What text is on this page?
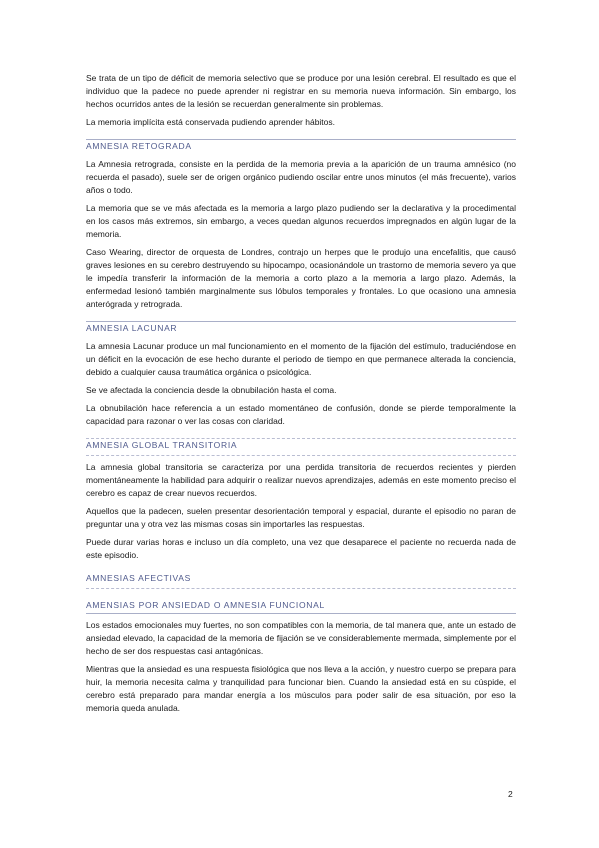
Se trata de un tipo de déficit de memoria selectivo que se produce por una lesión cerebral. El resultado es que el individuo que la padece no puede aprender ni registrar en su memoria nueva información. Sin embargo, los hechos ocurridos antes de la lesión se recuerdan generalmente sin problemas.

La memoria implícita está conservada pudiendo aprender hábitos.

AMNESIA RETOGRADA

La Amnesia retrograda, consiste en la perdida de la memoria previa a la aparición de un trauma amnésico (no recuerda el pasado), suele ser de origen orgánico pudiendo oscilar entre unos minutos (el más frecuente), varios años o todo.

La memoria que se ve más afectada es la memoria a largo plazo pudiendo ser la declarativa y la procedimental en los casos más extremos, sin embargo, a veces quedan algunos recuerdos impregnados en algún lugar de la memoria.

Caso Wearing, director de orquesta de Londres, contrajo un herpes que le produjo una encefalitis, que causó graves lesiones en su cerebro destruyendo su hipocampo, ocasionándole un trastorno de memoria severo ya que le impedía transferir la información de la memoria a corto plazo a la memoria a largo plazo. Además, la enfermedad lesionó también marginalmente sus lóbulos temporales y frontales. Lo que ocasiono una amnesia anterógrada y retrograda.

AMNESIA LACUNAR

La amnesia Lacunar produce un mal funcionamiento en el momento de la fijación del estímulo, traduciéndose en un déficit en la evocación de ese hecho durante el periodo de tiempo en que permanece alterada la conciencia, debido a cualquier causa traumática orgánica o psicológica.

Se ve afectada la conciencia desde la obnubilación hasta el coma.

La obnubilación hace referencia a un estado momentáneo de confusión, donde se pierde temporalmente la capacidad para razonar o ver las cosas con claridad.

AMNESIA GLOBAL TRANSITORIA

La amnesia global transitoria se caracteriza por una perdida transitoria de recuerdos recientes y pierden momentáneamente la habilidad para adquirir o realizar nuevos aprendizajes, además en este momento preciso el cerebro es capaz de crear nuevos recuerdos.

Aquellos que la padecen, suelen presentar desorientación temporal y espacial, durante el episodio no paran de preguntar una y otra vez las mismas cosas sin importarles las respuestas.

Puede durar varias horas e incluso un día completo, una vez que desaparece el paciente no recuerda nada de este episodio.

AMNESIAS AFECTIVAS
AMENSIAS POR ANSIEDAD O AMNESIA FUNCIONAL

Los estados emocionales muy fuertes, no son compatibles con la memoria, de tal manera que, ante un estado de ansiedad elevado, la capacidad de la memoria de fijación se ve considerablemente mermada, simplemente por el hecho de ser dos respuestas casi antagónicas.

Mientras que la ansiedad es una respuesta fisiológica que nos lleva a la acción, y nuestro cuerpo se prepara para huir, la memoria necesita calma y tranquilidad para funcionar bien. Cuando la ansiedad está en su cúspide, el cerebro está preparado para mandar energía a los músculos para poder salir de esa situación, por eso la memoria queda anulada.

2
